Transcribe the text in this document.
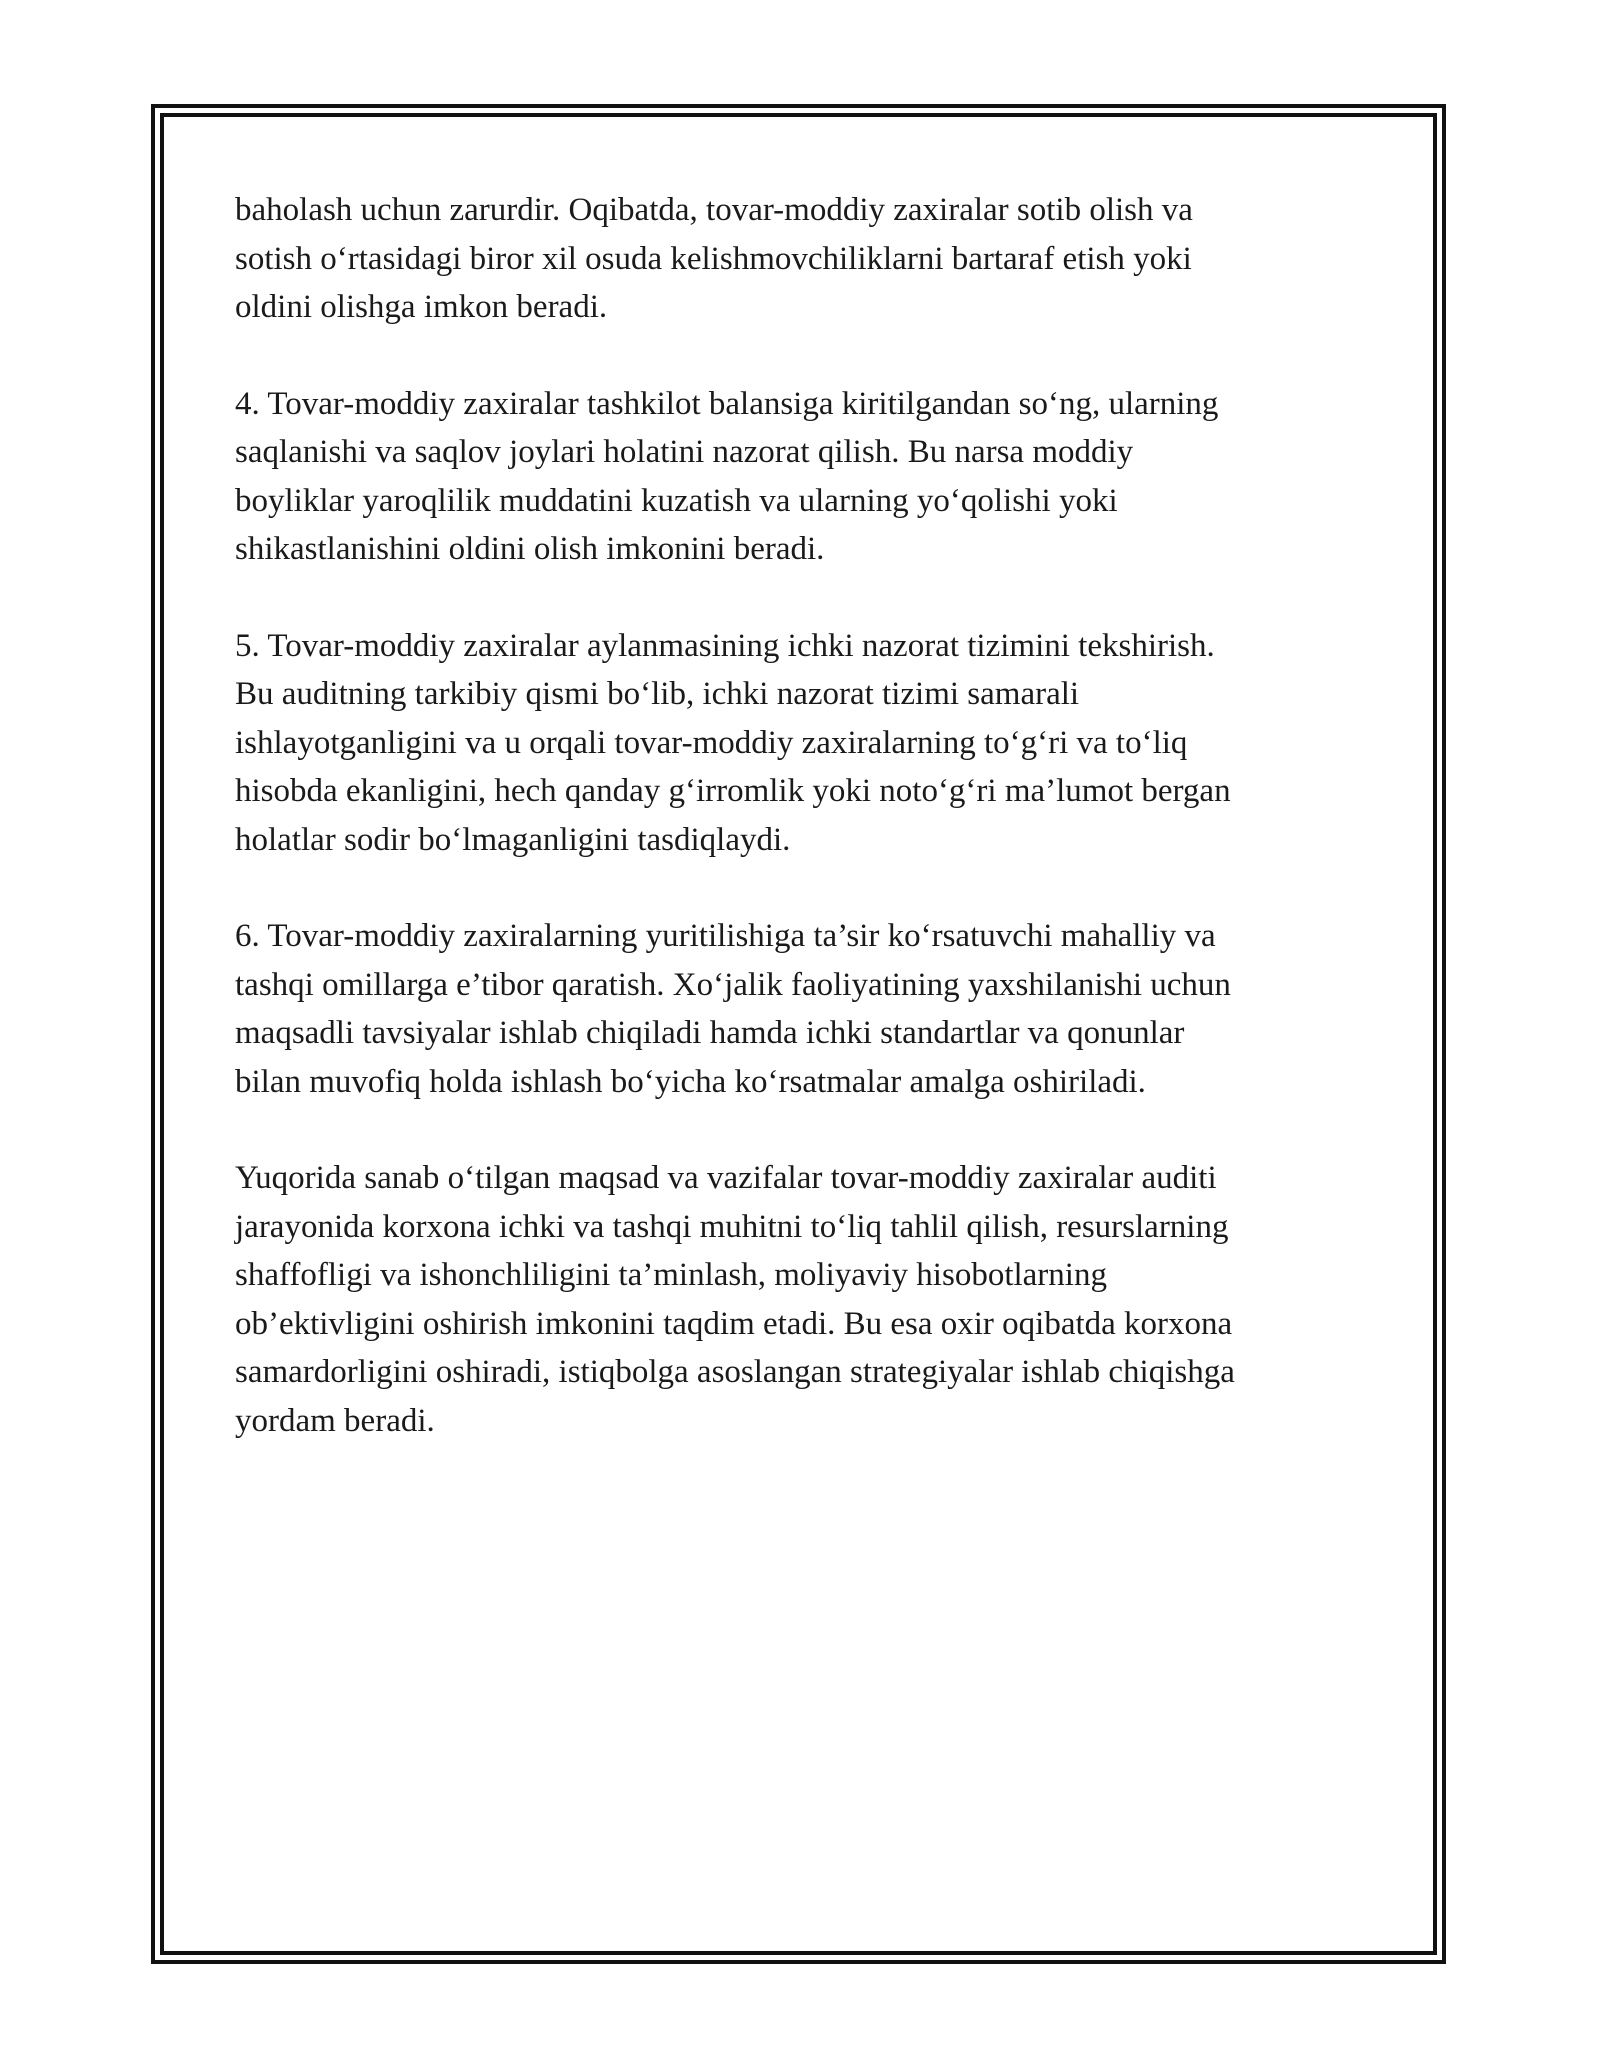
baholash uchun zarurdir. Oqibatda, tovar-moddiy zaxiralar sotib olish va
sotish o‘rtasidagi biror xil osuda kelishmovchiliklarni bartaraf etish yoki
oldini olishga imkon beradi.

4. Tovar-moddiy zaxiralar tashkilot balansiga kiritilgandan so‘ng, ularning
saqlanishi va saqlov joylari holatini nazorat qilish. Bu narsa moddiy
boyliklar yaroqlilik muddatini kuzatish va ularning yo‘qolishi yoki
shikastlanishini oldini olish imkonini beradi.

5. Tovar-moddiy zaxiralar aylanmasining ichki nazorat tizimini tekshirish.
Bu auditning tarkibiy qismi bo‘lib, ichki nazorat tizimi samarali
ishlayotganligini va u orqali tovar-moddiy zaxiralarning to‘g‘ri va to‘liq
hisobda ekanligini, hech qanday g‘irromlik yoki noto‘g‘ri ma’lumot bergan
holatlar sodir bo‘lmaganligini tasdiqlaydi.

6. Tovar-moddiy zaxiralarning yuritilishiga ta’sir ko‘rsatuvchi mahalliy va
tashqi omillarga e’tibor qaratish. Xo‘jalik faoliyatining yaxshilanishi uchun
maqsadli tavsiyalar ishlab chiqiladi hamda ichki standartlar va qonunlar
bilan muvofiq holda ishlash bo‘yicha ko‘rsatmalar amalga oshiriladi.

Yuqorida sanab o‘tilgan maqsad va vazifalar tovar-moddiy zaxiralar auditi
jarayonida korxona ichki va tashqi muhitni to‘liq tahlil qilish, resurslarning
shaffofligi va ishonchliligini ta’minlash, moliyaviy hisobotlarning
ob’ektivligini oshirish imkonini taqdim etadi. Bu esa oxir oqibatda korxona
samardorligini oshiradi, istiqbolga asoslangan strategiyalar ishlab chiqishga
yordam beradi.
